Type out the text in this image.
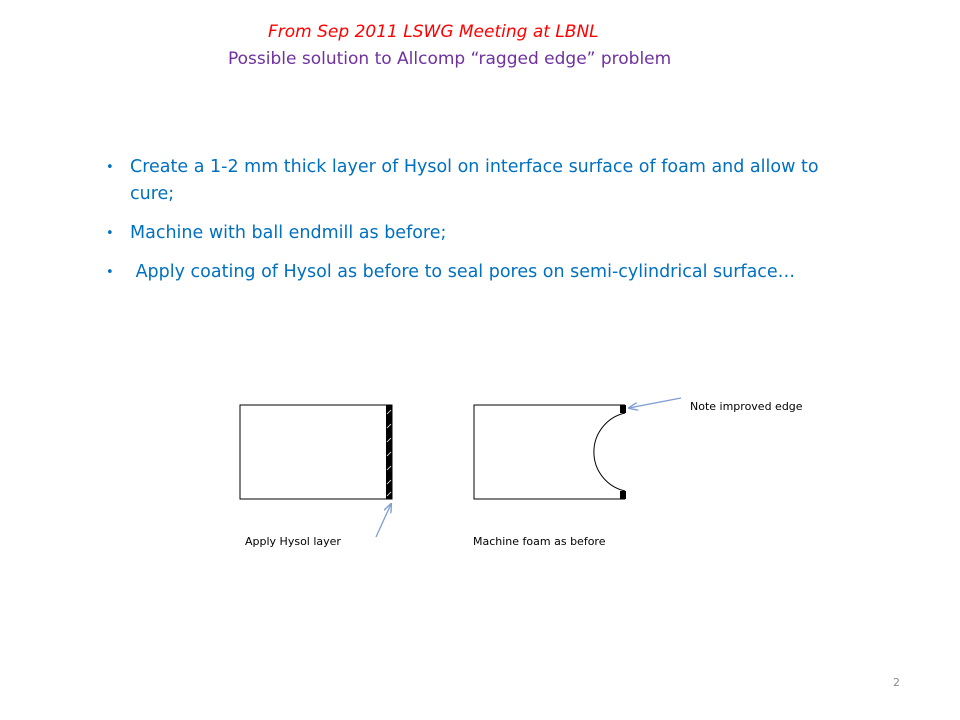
From Sep 2011 LSWG Meeting at LBNL
Possible solution to Allcomp “ragged edge” problem
• Create a 1-2 mm thick layer of Hysol on interface surface of foam and allow to cure;
• Machine with ball endmill as before;
• Apply coating of Hysol as before to seal pores on semi-cylindrical surface…
Apply Hysol layer	Machine foam as before
Note improved edge
2
